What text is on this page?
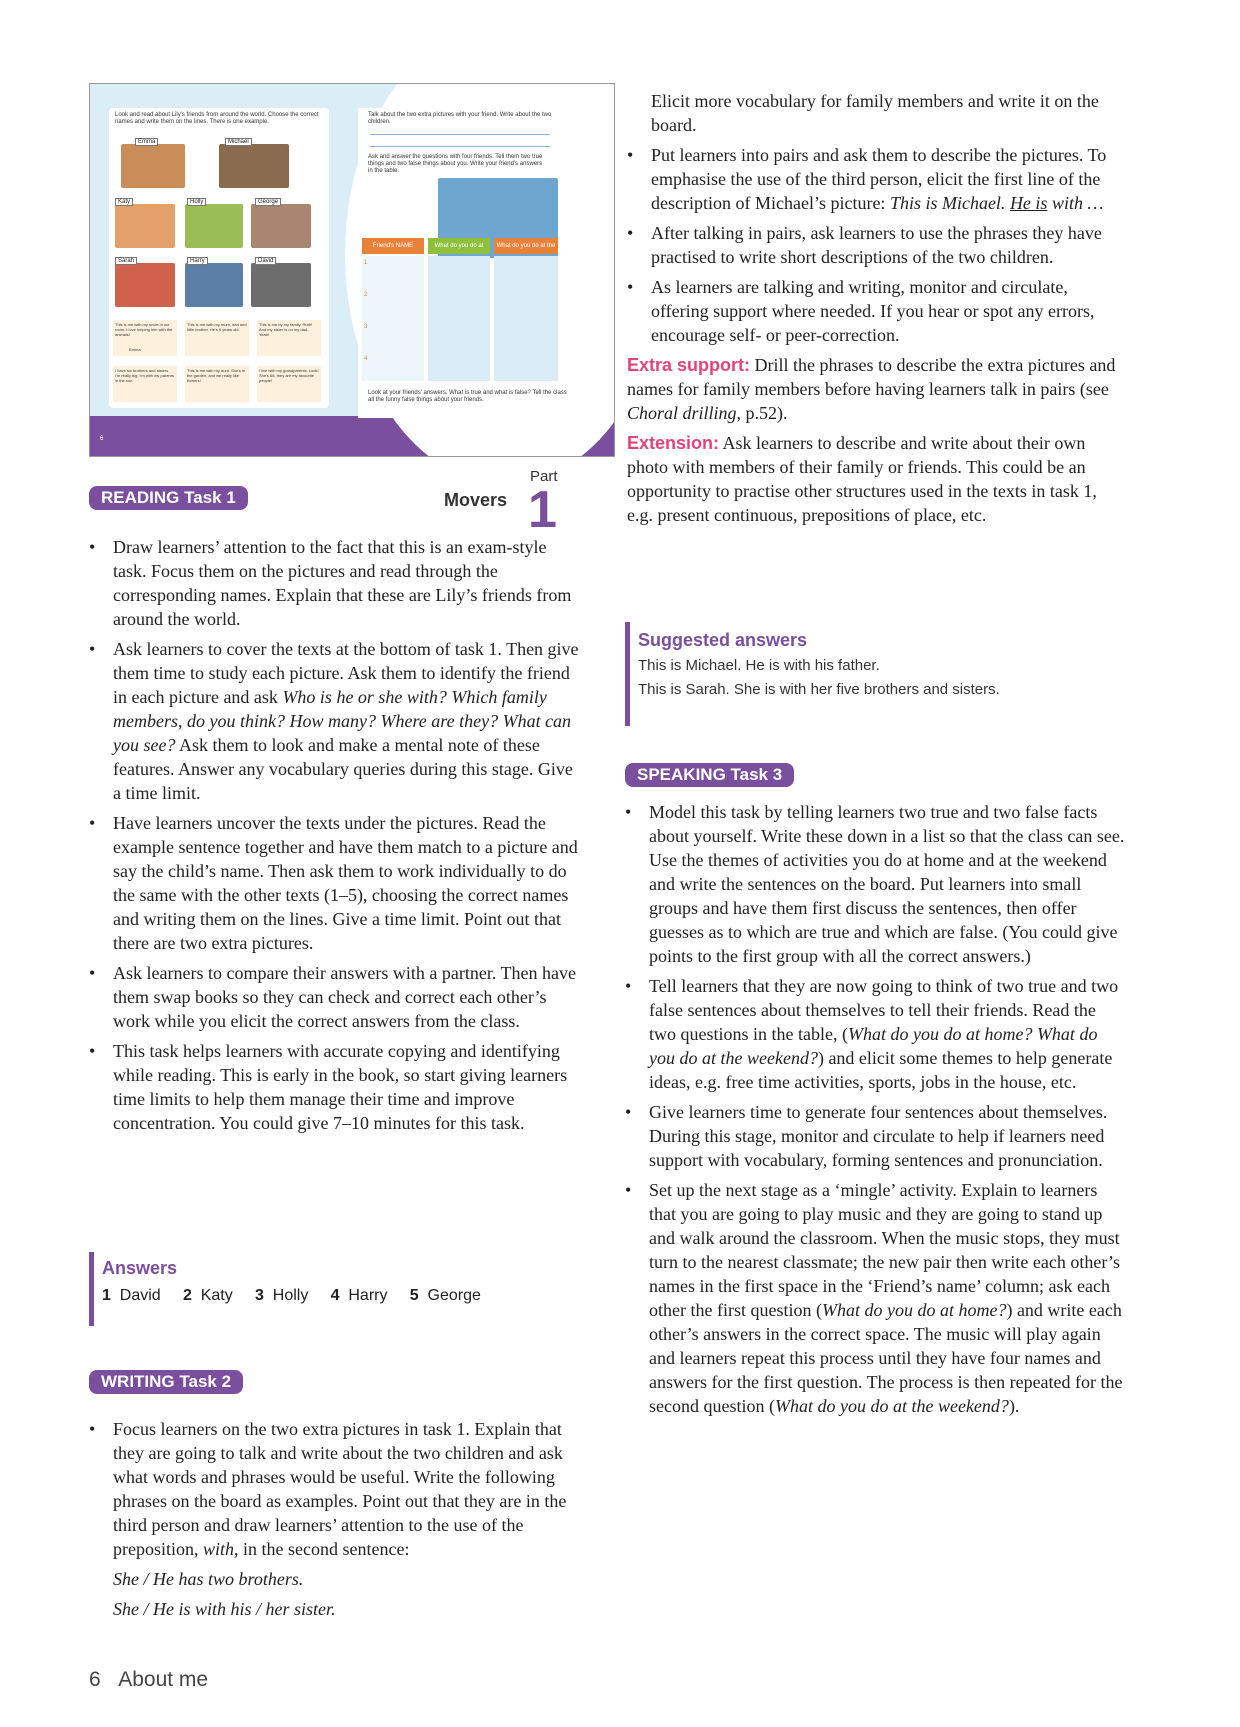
Look and read about Lily's friends from around the world. Choose the correct names and write them on the lines. There is one example.
Emma	Michael
Katy	Holly	George
Sarah	Harry	David
This is me with my uncle in our room. I love helping him with the animals!
This is me with my mum, dad and little brother. He's 5 years old.
This is me by my family. Ruth! And my sister is on my dad. Yeah!
I have six brothers and sisters. I'm really big. I'm with my parents in the sun.
This is me with my aunt. She's in the garden, and we really like flowers!
I live with my grandparents. Look! She's 68, they are my favourite people!
Emma
Talk about the two extra pictures with your friend. Write about the two children.
Ask and answer the questions with four friends. Tell them two true things and two false things about you. Write your friend's answers in the table.
Friend's NAME	What do you do at	What do you do at the
1
2
3
4
Look at your friends' answers. What is true and what is false? Tell the class all the funny false things about your friends.
6	7
READING Task 1	Movers
Part
1
• Draw learners’ attention to the fact that this is an exam-style task. Focus them on the pictures and read through the corresponding names. Explain that these are Lily’s friends from around the world.
• Ask learners to cover the texts at the bottom of task 1. Then give them time to study each picture. Ask them to identify the friend in each picture and ask Who is he or she with? Which family members, do you think? How many? Where are they? What can you see? Ask them to look and make a mental note of these features. Answer any vocabulary queries during this stage. Give a time limit.
• Have learners uncover the texts under the pictures. Read the example sentence together and have them match to a picture and say the child’s name. Then ask them to work individually to do the same with the other texts (1–5), choosing the correct names and writing them on the lines. Give a time limit. Point out that there are two extra pictures.
• Ask learners to compare their answers with a partner. Then have them swap books so they can check and correct each other’s work while you elicit the correct answers from the class.
• This task helps learners with accurate copying and identifying while reading. This is early in the book, so start giving learners time limits to help them manage their time and improve concentration. You could give 7–10 minutes for this task.
Answers
1 David 2 Katy 3 Holly 4 Harry 5 George
WRITING Task 2
• Focus learners on the two extra pictures in task 1. Explain that they are going to talk and write about the two children and ask what words and phrases would be useful. Write the following phrases on the board as examples. Point out that they are in the third person and draw learners’ attention to the use of the preposition, with, in the second sentence:
She / He has two brothers.
She / He is with his / her sister.
6 About me
Elicit more vocabulary for family members and write it on the board.
• Put learners into pairs and ask them to describe the pictures. To emphasise the use of the third person, elicit the first line of the description of Michael’s picture: This is Michael. He is with …
• After talking in pairs, ask learners to use the phrases they have practised to write short descriptions of the two children.
• As learners are talking and writing, monitor and circulate, offering support where needed. If you hear or spot any errors, encourage self- or peer-correction.
Extra support: Drill the phrases to describe the extra pictures and names for family members before having learners talk in pairs (see Choral drilling, p.52).
Extension: Ask learners to describe and write about their own photo with members of their family or friends. This could be an opportunity to practise other structures used in the texts in task 1, e.g. present continuous, prepositions of place, etc.
Suggested answers
This is Michael. He is with his father.
This is Sarah. She is with her five brothers and sisters.
SPEAKING Task 3
• Model this task by telling learners two true and two false facts about yourself. Write these down in a list so that the class can see. Use the themes of activities you do at home and at the weekend and write the sentences on the board. Put learners into small groups and have them first discuss the sentences, then offer guesses as to which are true and which are false. (You could give points to the first group with all the correct answers.)
• Tell learners that they are now going to think of two true and two false sentences about themselves to tell their friends. Read the two questions in the table, (What do you do at home? What do you do at the weekend?) and elicit some themes to help generate ideas, e.g. free time activities, sports, jobs in the house, etc.
• Give learners time to generate four sentences about themselves. During this stage, monitor and circulate to help if learners need support with vocabulary, forming sentences and pronunciation.
• Set up the next stage as a ‘mingle’ activity. Explain to learners that you are going to play music and they are going to stand up and walk around the classroom. When the music stops, they must turn to the nearest classmate; the new pair then write each other’s names in the first space in the ‘Friend’s name’ column; ask each other the first question (What do you do at home?) and write each other’s answers in the correct space. The music will play again and learners repeat this process until they have four names and answers for the first question. The process is then repeated for the second question (What do you do at the weekend?).
